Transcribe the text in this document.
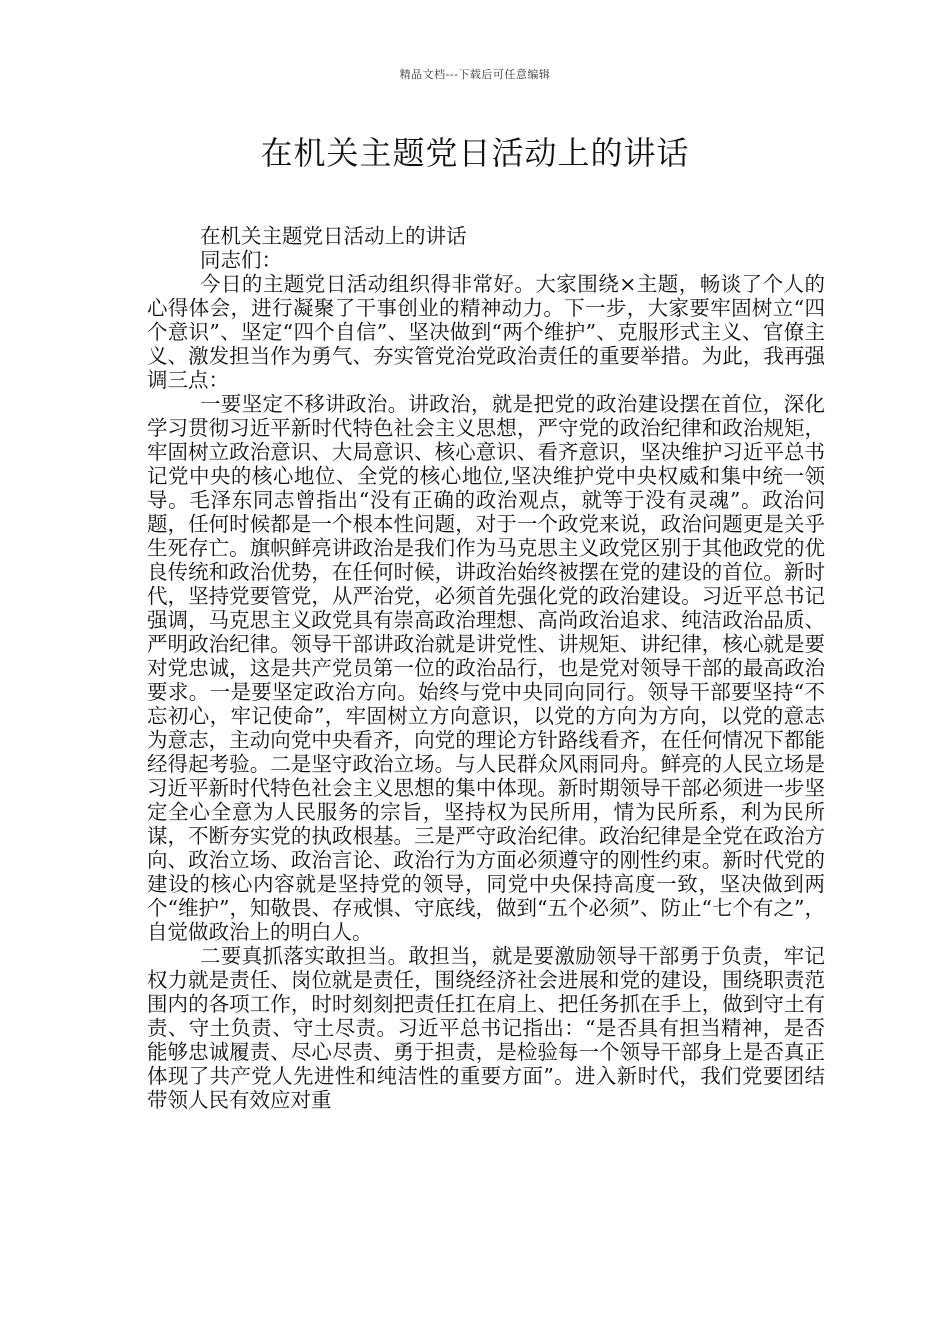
精品文档---下载后可任意编辑
在机关主题党日活动上的讲话

在机关主题党日活动上的讲话

同志们：

今日的主题党日活动组织得非常好。大家围绕×主题，畅谈了个人的心得体会，进行凝聚了干事创业的精神动力。下一步，大家要牢固树立“四个意识”、坚定“四个自信”、坚决做到“两个维护”、克服形式主义、官僚主义、激发担当作为勇气、夯实管党治党政治责任的重要举措。为此，我再强调三点：

一要坚定不移讲政治。讲政治，就是把党的政治建设摆在首位，深化学习贯彻习近平新时代特色社会主义思想，严守党的政治纪律和政治规矩，牢固树立政治意识、大局意识、核心意识、看齐意识，坚决维护习近平总书记党中央的核心地位、全党的核心地位,坚决维护党中央权威和集中统一领导。毛泽东同志曾指出“没有正确的政治观点，就等于没有灵魂”。政治问题，任何时候都是一个根本性问题，对于一个政党来说，政治问题更是关乎生死存亡。旗帜鲜亮讲政治是我们作为马克思主义政党区别于其他政党的优良传统和政治优势，在任何时候，讲政治始终被摆在党的建设的首位。新时代，坚持党要管党，从严治党，必须首先强化党的政治建设。习近平总书记强调，马克思主义政党具有崇高政治理想、高尚政治追求、纯洁政治品质、严明政治纪律。领导干部讲政治就是讲党性、讲规矩、讲纪律，核心就是要对党忠诚，这是共产党员第一位的政治品行，也是党对领导干部的最高政治要求。一是要坚定政治方向。始终与党中央同向同行。领导干部要坚持“不忘初心，牢记使命”，牢固树立方向意识，以党的方向为方向，以党的意志为意志，主动向党中央看齐，向党的理论方针路线看齐，在任何情况下都能经得起考验。二是坚守政治立场。与人民群众风雨同舟。鲜亮的人民立场是习近平新时代特色社会主义思想的集中体现。新时期领导干部必须进一步坚定全心全意为人民服务的宗旨，坚持权为民所用，情为民所系，利为民所谋，不断夯实党的执政根基。三是严守政治纪律。政治纪律是全党在政治方向、政治立场、政治言论、政治行为方面必须遵守的刚性约束。新时代党的建设的核心内容就是坚持党的领导，同党中央保持高度一致，坚决做到两个“维护”，知敬畏、存戒惧、守底线，做到“五个必须”、防止“七个有之”，自觉做政治上的明白人。

二要真抓落实敢担当。敢担当，就是要激励领导干部勇于负责，牢记权力就是责任、岗位就是责任，围绕经济社会进展和党的建设，围绕职责范围内的各项工作，时时刻刻把责任扛在肩上、把任务抓在手上，做到守土有责、守土负责、守土尽责。习近平总书记指出：“是否具有担当精神，是否能够忠诚履责、尽心尽责、勇于担责，是检验每一个领导干部身上是否真正体现了共产党人先进性和纯洁性的重要方面”。进入新时代，我们党要团结带领人民有效应对重
